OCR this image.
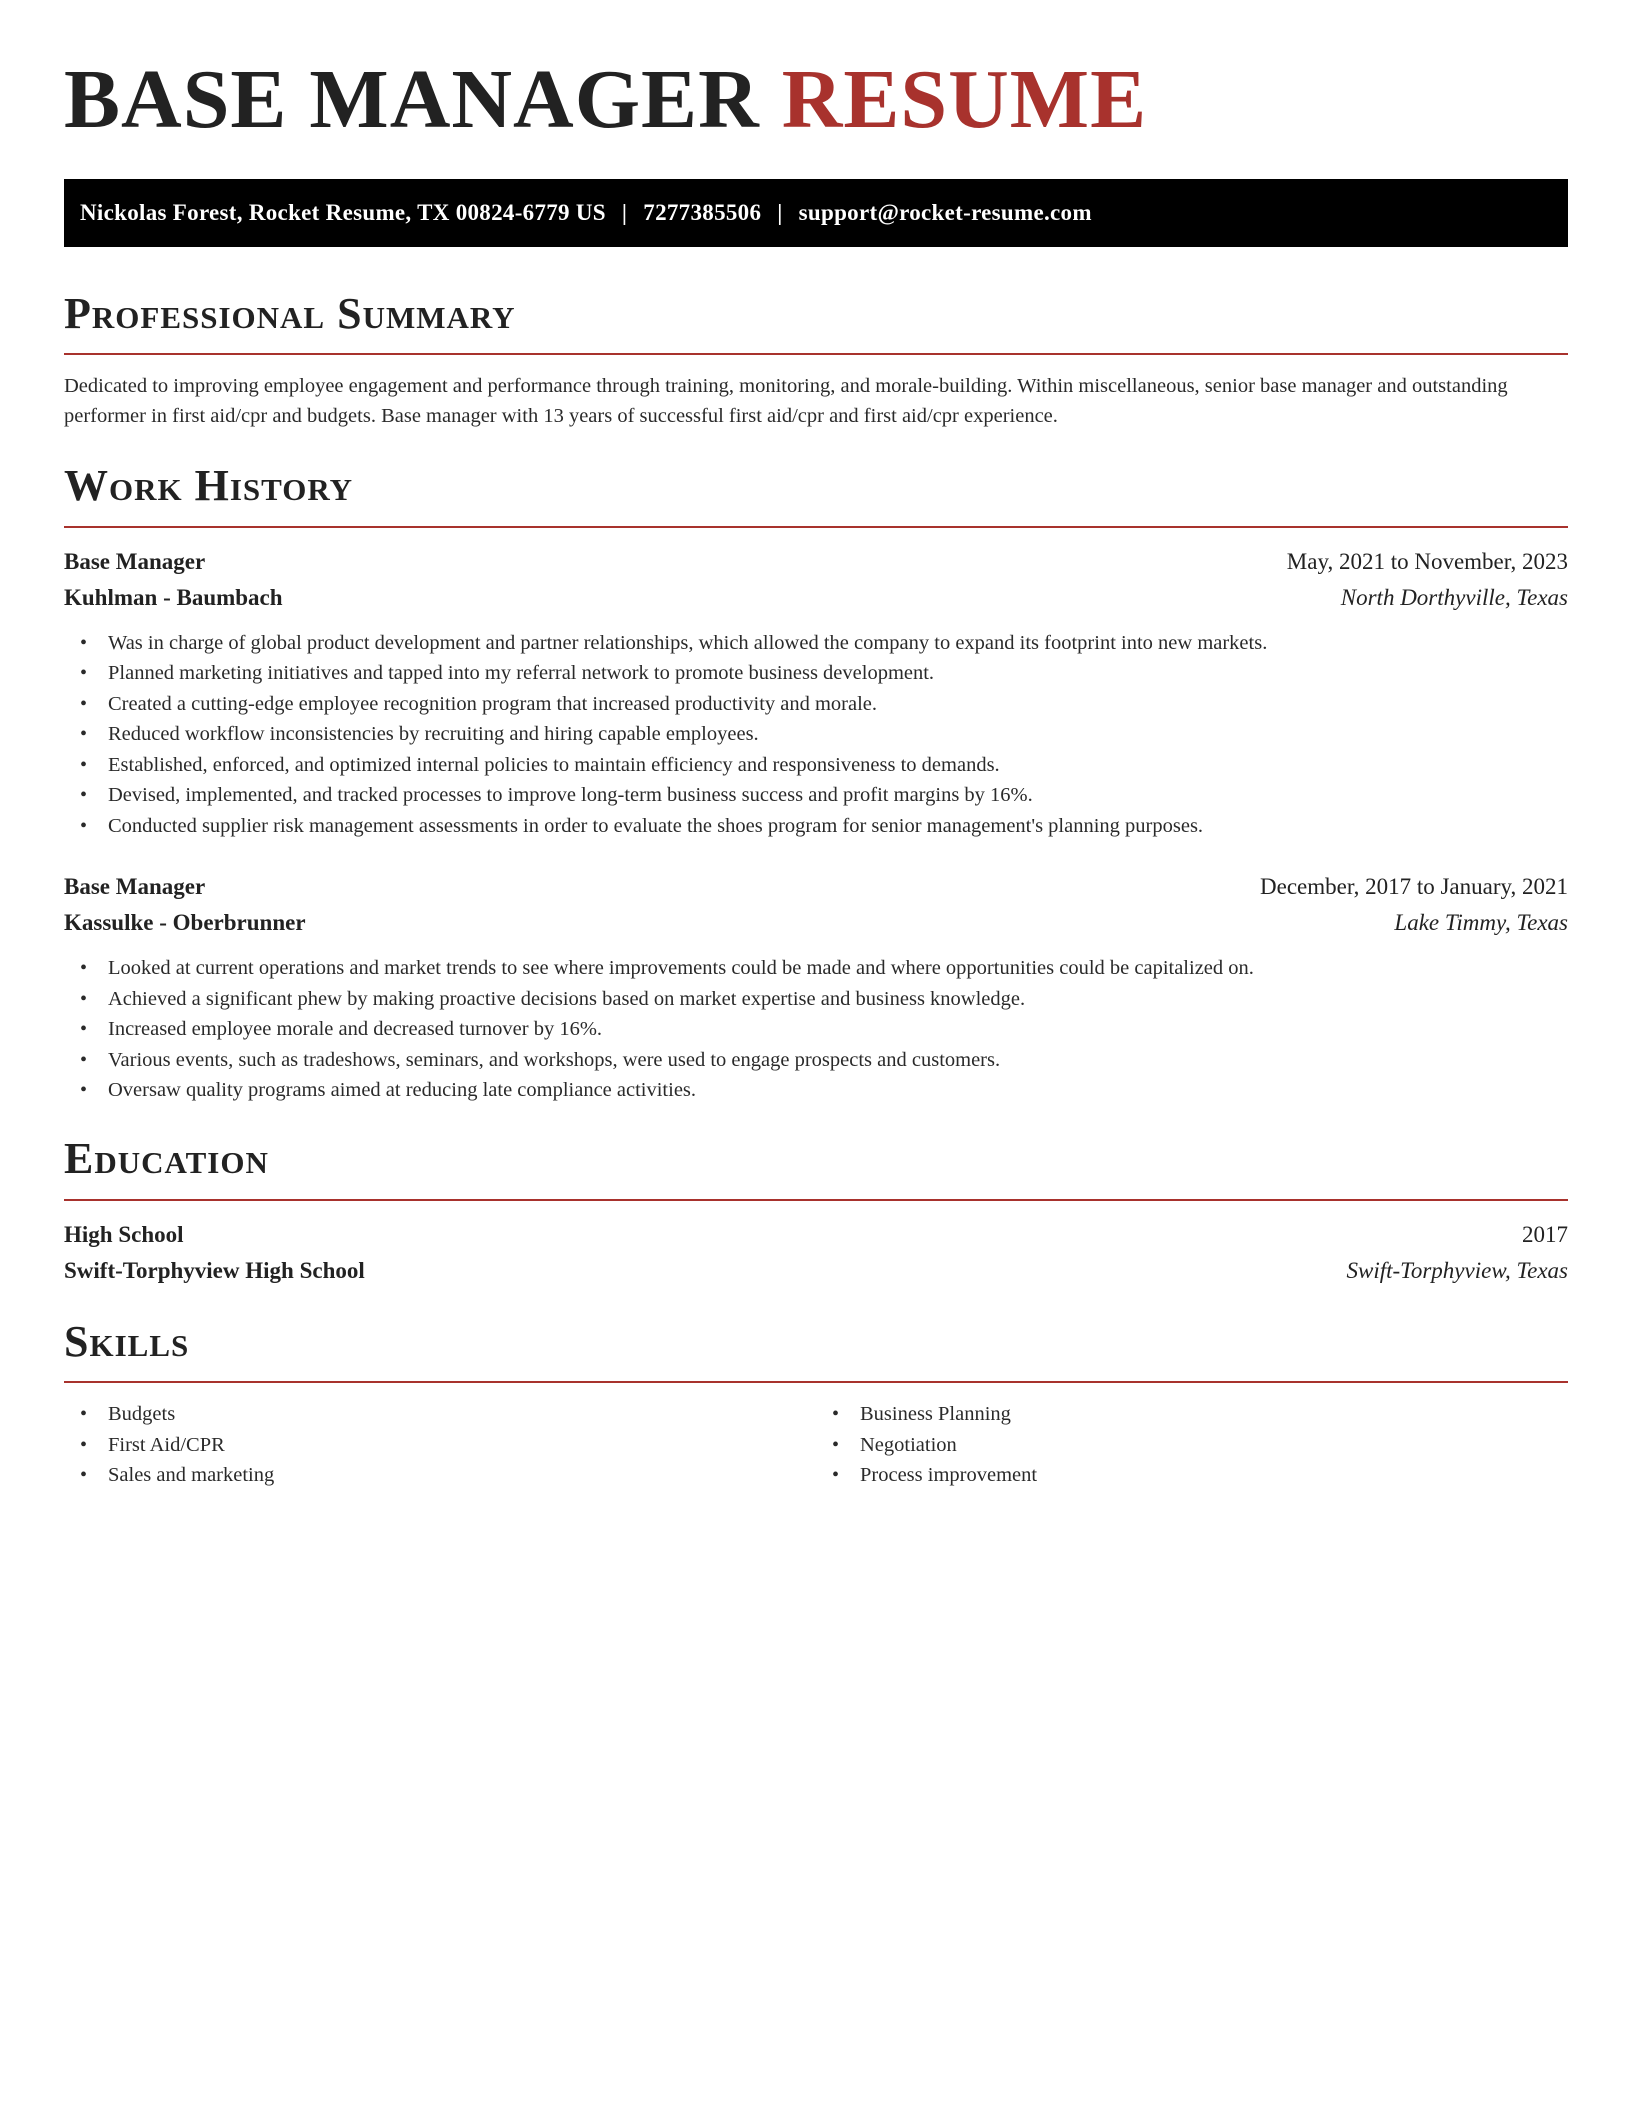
BASE MANAGER RESUME
Nickolas Forest, Rocket Resume, TX 00824-6779 US | 7277385506 | support@rocket-resume.com
Professional Summary

Dedicated to improving employee engagement and performance through training, monitoring, and morale-building. Within miscellaneous, senior base manager and outstanding performer in first aid/cpr and budgets. Base manager with 13 years of successful first aid/cpr and first aid/cpr experience.

Work History
Base Manager	May, 2021 to November, 2023
Kuhlman - Baumbach	North Dorthyville, Texas
• Was in charge of global product development and partner relationships, which allowed the company to expand its footprint into new markets.
• Planned marketing initiatives and tapped into my referral network to promote business development.
• Created a cutting-edge employee recognition program that increased productivity and morale.
• Reduced workflow inconsistencies by recruiting and hiring capable employees.
• Established, enforced, and optimized internal policies to maintain efficiency and responsiveness to demands.
• Devised, implemented, and tracked processes to improve long-term business success and profit margins by 16%.
• Conducted supplier risk management assessments in order to evaluate the shoes program for senior management's planning purposes.
Base Manager	December, 2017 to January, 2021
Kassulke - Oberbrunner	Lake Timmy, Texas
• Looked at current operations and market trends to see where improvements could be made and where opportunities could be capitalized on.
• Achieved a significant phew by making proactive decisions based on market expertise and business knowledge.
• Increased employee morale and decreased turnover by 16%.
• Various events, such as tradeshows, seminars, and workshops, were used to engage prospects and customers.
• Oversaw quality programs aimed at reducing late compliance activities.
Education
High School	2017
Swift-Torphyview High School	Swift-Torphyview, Texas
Skills
• Budgets
• First Aid/CPR
• Sales and marketing
• Business Planning
• Negotiation
• Process improvement
